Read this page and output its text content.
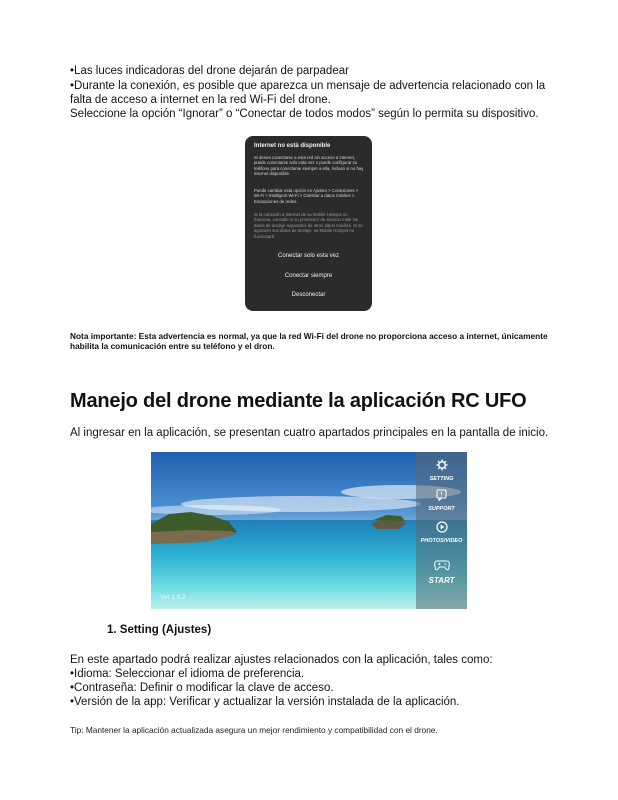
•Las luces indicadoras del drone dejarán de parpadear
•Durante la conexión, es posible que aparezca un mensaje de advertencia relacionado con la
falta de acceso a internet en la red Wi-Fi del drone.
Seleccione la opción “Ignorar” o “Conectar de todos modos” según lo permita su dispositivo.
Internet no está disponible
Si desea conectarse a esta red sin acceso a internet, puede conectarse solo esta vez o puede configurar su teléfono para conectarse siempre a ella, incluso si no hay internet disponible.
Puede cambiar esta opción en Ajustes > Conexiones > Wi-Fi > Intelligent Wi-Fi > Cambiar a datos móviles > Excepciones de redes.
Si la conexión a Internet de su Mobile Hotspot no funciona, consulte si su proveedor de servicio mide los datos de anclaje separados de otros datos móviles. Si se agotaron sus datos de anclaje, su Mobile Hotspot no funcionará.
Conectar solo esta vez
Conectar siempre
Desconectar
Nota importante: Esta advertencia es normal, ya que la red Wi-Fi del drone no proporciona acceso a internet, únicamente habilita la comunicación entre su teléfono y el dron.
Manejo del drone mediante la aplicación RC UFO
Al ingresar en la aplicación, se presentan cuatro apartados principales en la pantalla de inicio.
Ver.1.9.2
SETTING
SUPPORT
PHOTOS/VIDEO
START
1. Setting (Ajustes)
En este apartado podrá realizar ajustes relacionados con la aplicación, tales como:
•Idioma: Seleccionar el idioma de preferencia.
•Contraseña: Definir o modificar la clave de acceso.
•Versión de la app: Verificar y actualizar la versión instalada de la aplicación.
Tip: Mantener la aplicación actualizada asegura un mejor rendimiento y compatibilidad con el drone.
